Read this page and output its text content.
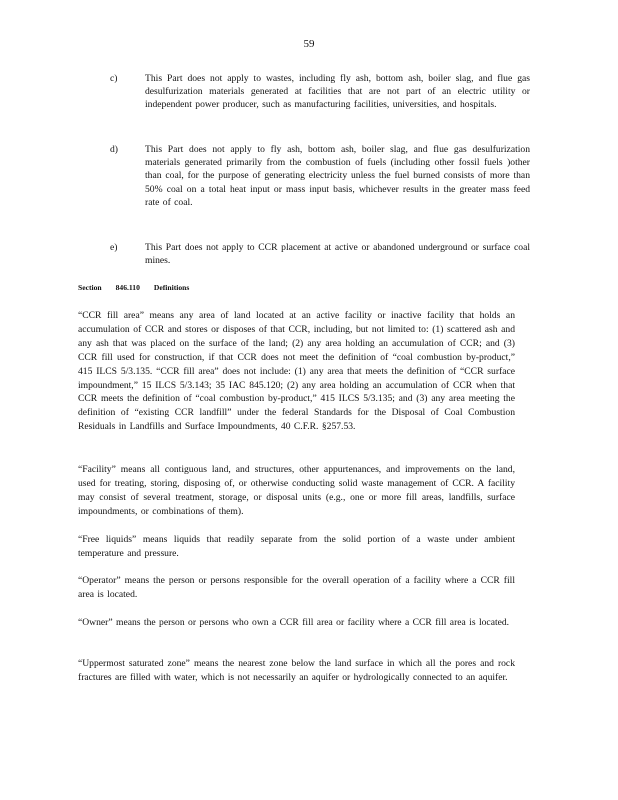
59
c)	This Part does not apply to wastes, including fly ash, bottom ash, boiler slag, and flue gas desulfurization materials generated at facilities that are not part of an electric utility or independent power producer, such as manufacturing facilities, universities, and hospitals.
d)	This Part does not apply to fly ash, bottom ash, boiler slag, and flue gas desulfurization materials generated primarily from the combustion of fuels (including other fossil fuels )other than coal, for the purpose of generating electricity unless the fuel burned consists of more than 50% coal on a total heat input or mass input basis, whichever results in the greater mass feed rate of coal.
e)	This Part does not apply to CCR placement at active or abandoned underground or surface coal mines.
Section 846.110 Definitions
“CCR fill area” means any area of land located at an active facility or inactive facility that holds an accumulation of CCR and stores or disposes of that CCR, including, but not limited to: (1) scattered ash and any ash that was placed on the surface of the land; (2) any area holding an accumulation of CCR; and (3) CCR fill used for construction, if that CCR does not meet the definition of “coal combustion by-product,” 415 ILCS 5/3.135. “CCR fill area” does not include: (1) any area that meets the definition of “CCR surface impoundment,” 15 ILCS 5/3.143; 35 IAC 845.120; (2) any area holding an accumulation of CCR when that CCR meets the definition of “coal combustion by-product,” 415 ILCS 5/3.135; and (3) any area meeting the definition of “existing CCR landfill” under the federal Standards for the Disposal of Coal Combustion Residuals in Landfills and Surface Impoundments, 40 C.F.R. §257.53.
“Facility” means all contiguous land, and structures, other appurtenances, and improvements on the land, used for treating, storing, disposing of, or otherwise conducting solid waste management of CCR. A facility may consist of several treatment, storage, or disposal units (e.g., one or more fill areas, landfills, surface impoundments, or combinations of them).
“Free liquids” means liquids that readily separate from the solid portion of a waste under ambient temperature and pressure.
“Operator” means the person or persons responsible for the overall operation of a facility where a CCR fill area is located.
“Owner” means the person or persons who own a CCR fill area or facility where a CCR fill area is located.
“Uppermost saturated zone” means the nearest zone below the land surface in which all the pores and rock fractures are filled with water, which is not necessarily an aquifer or hydrologically connected to an aquifer.
